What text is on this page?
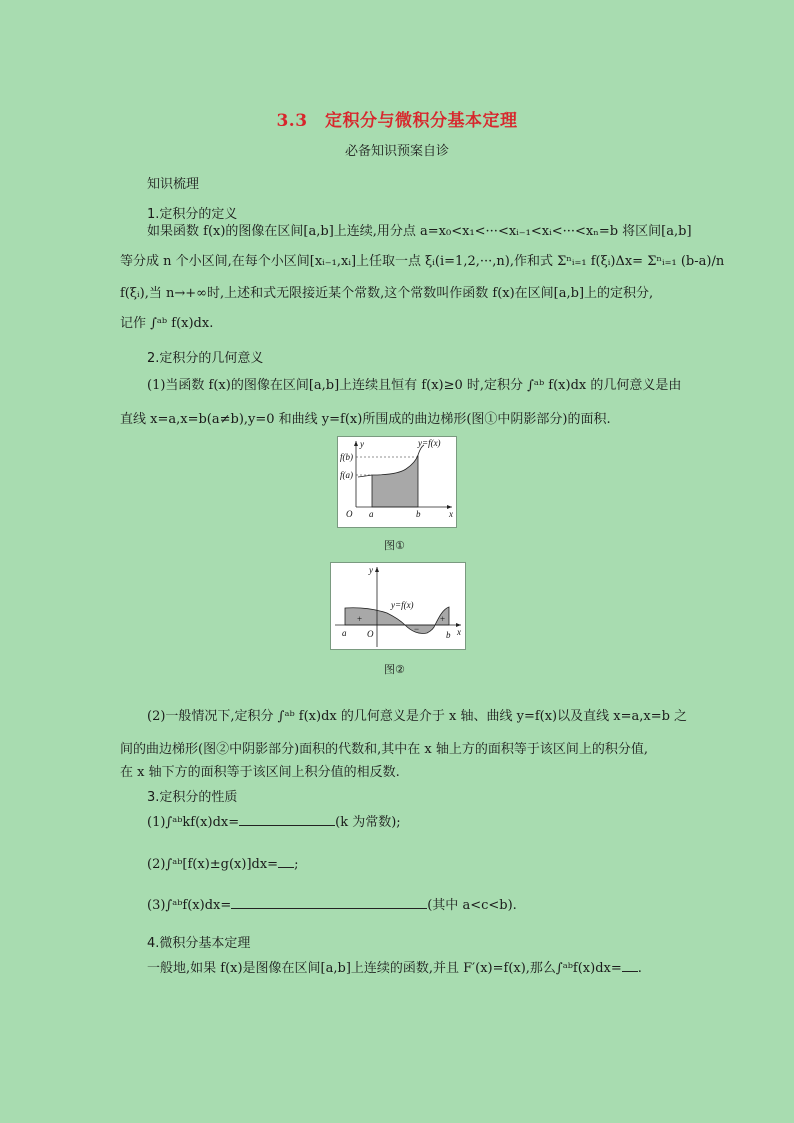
3.3　定积分与微积分基本定理
必备知识预案自诊
知识梳理
1.定积分的定义
如果函数 f(x)的图像在区间[a,b]上连续,用分点 a=x₀<x₁<···<xᵢ₋₁<xᵢ<···<xₙ=b 将区间[a,b]
等分成 n 个小区间,在每个小区间[xᵢ₋₁,xᵢ]上任取一点 ξᵢ(i=1,2,···,n),作和式 Σⁿᵢ₌₁ f(ξᵢ)Δx= Σⁿᵢ₌₁ (b-a)/n
f(ξᵢ),当 n→+∞时,上述和式无限接近某个常数,这个常数叫作函数 f(x)在区间[a,b]上的定积分,
记作 ∫ᵃᵇ f(x)dx.
2.定积分的几何意义
(1)当函数 f(x)的图像在区间[a,b]上连续且恒有 f(x)≥0 时,定积分 ∫ᵃᵇ f(x)dx 的几何意义是由
直线 x=a,x=b(a≠b),y=0 和曲线 y=f(x)所围成的曲边梯形(图①中阴影部分)的面积.
y
x
O a	b
f(a)
f(b)
y=f(x)
图①
y
x
O
a	b
y=f(x)
+
−
+
图②
(2)一般情况下,定积分 ∫ᵃᵇ f(x)dx 的几何意义是介于 x 轴、曲线 y=f(x)以及直线 x=a,x=b 之
间的曲边梯形(图②中阴影部分)面积的代数和,其中在 x 轴上方的面积等于该区间上的积分值,
在 x 轴下方的面积等于该区间上积分值的相反数.
3.定积分的性质
(1)∫ᵃᵇkf(x)dx=	(k 为常数);
(2)∫ᵃᵇ[f(x)±g(x)]dx= ;
(3)∫ᵃᵇf(x)dx=	(其中 a<c<b).
4.微积分基本定理
一般地,如果 f(x)是图像在区间[a,b]上连续的函数,并且 F′(x)=f(x),那么∫ᵃᵇf(x)dx= .
